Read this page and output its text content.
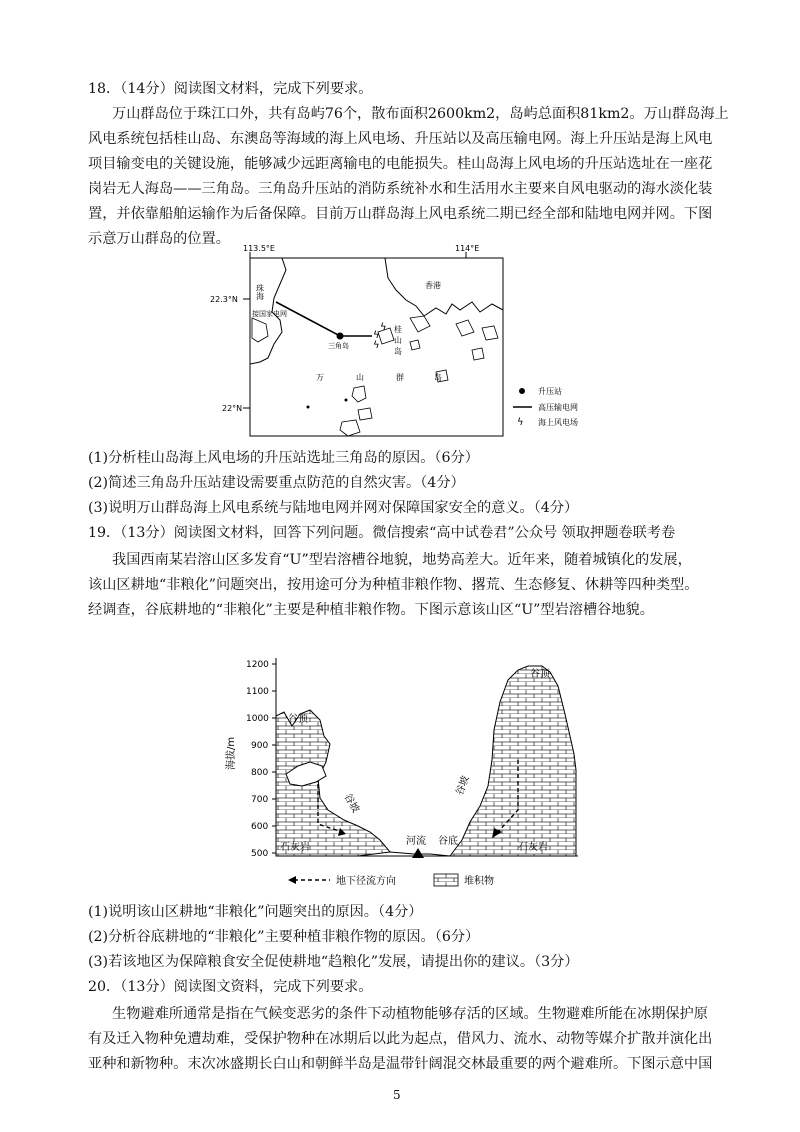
18．（14分）阅读图文材料，完成下列要求。
万山群岛位于珠江口外，共有岛屿76个，散布面积2600km2，岛屿总面积81km2。万山群岛海上
风电系统包括桂山岛、东澳岛等海域的海上风电场、升压站以及高压输电网。海上升压站是海上风电
项目输变电的关键设施，能够减少远距离输电的电能损失。桂山岛海上风电场的升压站选址在一座花
岗岩无人海岛——三角岛。三角岛升压站的消防系统补水和生活用水主要来自风电驱动的海水淡化装
置，并依靠船舶运输作为后备保障。目前万山群岛海上风电系统二期已经全部和陆地电网并网。下图
示意万山群岛的位置。
113.5°E	114°E
22.3°N
22°N
ϟ
ϟ
ϟ
珠海	香港
接国家电网
三角岛
桂
山
岛
万	山	群	岛
升压站
高压输电网
ϟ 海上风电场
(1)分析桂山岛海上风电场的升压站选址三角岛的原因。（6分）
(2)简述三角岛升压站建设需要重点防范的自然灾害。（4分）
(3)说明万山群岛海上风电系统与陆地电网并网对保障国家安全的意义。（4分）
19．（13分）阅读图文材料，回答下列问题。微信搜索“高中试卷君”公众号 领取押题卷联考卷
我国西南某岩溶山区多发育“U”型岩溶槽谷地貌，地势高差大。近年来，随着城镇化的发展，
该山区耕地“非粮化”问题突出，按用途可分为种植非粮作物、撂荒、生态修复、休耕等四种类型。
经调查，谷底耕地的“非粮化”主要是种植非粮作物。下图示意该山区“U”型岩溶槽谷地貌。
1200
1100
1000
900
800
700
600
500
海拔/m
谷顶
谷顶
谷坡
谷坡
河流 谷底
石灰岩	石灰岩
地下径流方向	堆积物
(1)说明该山区耕地“非粮化”问题突出的原因。（4分）
(2)分析谷底耕地的“非粮化”主要种植非粮作物的原因。（6分）
(3)若该地区为保障粮食安全促使耕地“趋粮化”发展，请提出你的建议。（3分）
20．（13分）阅读图文资料，完成下列要求。
生物避难所通常是指在气候变恶劣的条件下动植物能够存活的区域。生物避难所能在冰期保护原
有及迁入物种免遭劫难，受保护物种在冰期后以此为起点，借风力、流水、动物等媒介扩散并演化出
亚种和新物种。末次冰盛期长白山和朝鲜半岛是温带针阔混交林最重要的两个避难所。下图示意中国
5
